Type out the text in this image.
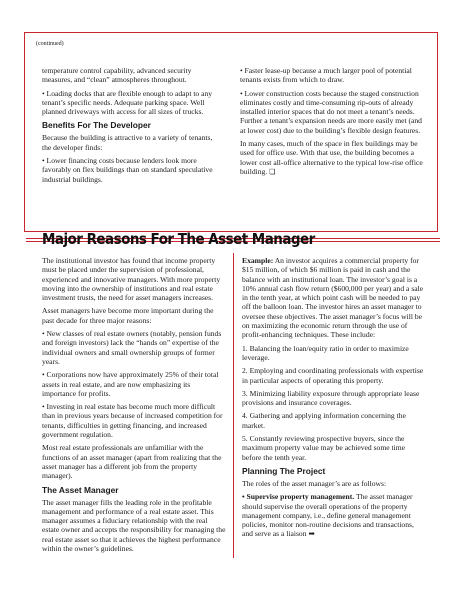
(continued)

temperature control capability, advanced security measures, and “clean” atmospheres throughout.

• Loading docks that are flexible enough to adapt to any tenant’s specific needs. Adequate parking space. Well planned driveways with access for all sizes of trucks.

Benefits For The Developer

Because the building is attractive to a variety of tenants, the developer finds:

• Lower financing costs because lenders look more favorably on flex buildings than on standard speculative industrial buildings.

• Faster lease-up because a much larger pool of potential tenants exists from which to draw.

• Lower construction costs because the staged construction eliminates costly and time-consuming rip-outs of already installed interior spaces that do not meet a tenant’s needs. Further a tenant’s expansion needs are more easily met (and at lower cost) due to the building’s flexible design features.

In many cases, much of the space in flex buildings may be used for office use. With that use, the building becomes a lower cost all-office alternative to the typical low-rise office building. ❏

Major Reasons For The Asset Manager

The institutional investor has found that income property must be placed under the supervision of professional, experienced and innovative managers. With more property moving into the ownership of institutions and real estate investment trusts, the need for asset managers increases.

Asset managers have become more important during the past decade for three major reasons:

• New classes of real estate owners (notably, pension funds and foreign investors) lack the “hands on” expertise of the individual owners and small ownership groups of former years.

• Corporations now have approximately 25% of their total assets in real estate, and are now emphasizing its importance for profits.

• Investing in real estate has become much more difficult than in previous years because of increased competition for tenants, difficulties in getting financing, and increased government regulation.

Most real estate professionals are unfamiliar with the functions of an asset manager (apart from realizing that the asset manager has a different job from the property manager).

The Asset Manager

The asset manager fills the leading role in the profitable management and performance of a real estate asset. This manager assumes a fiduciary relationship with the real estate owner and accepts the responsibility for managing the real estate asset so that it achieves the highest performance within the owner’s guidelines.

Example: An investor acquires a commercial property for $15 million, of which $6 million is paid in cash and the balance with an institutional loan. The investor’s goal is a 10% annual cash flow return ($600,000 per year) and a sale in the tenth year, at which point cash will be needed to pay off the balloon loan. The investor hires an asset manager to oversee these objectives. The asset manager’s focus will be on maximizing the economic return through the use of profit-enhancing techniques. These include:

1. Balancing the loan/equity ratio in order to maximize leverage.

2. Employing and coordinating professionals with expertise in particular aspects of operating this property.

3. Minimizing liability exposure through appropriate lease provisions and insurance coverages.

4. Gathering and applying information concerning the market.

5. Constantly reviewing prospective buyers, since the maximum property value may be achieved some time before the tenth year.

Planning The Project

The roles of the asset manager’s are as follows:

• Supervise property management. The asset manager should supervise the overall operations of the property management company, i.e., define general management policies, monitor non-routine decisions and transactions, and serve as a liaison ➡
